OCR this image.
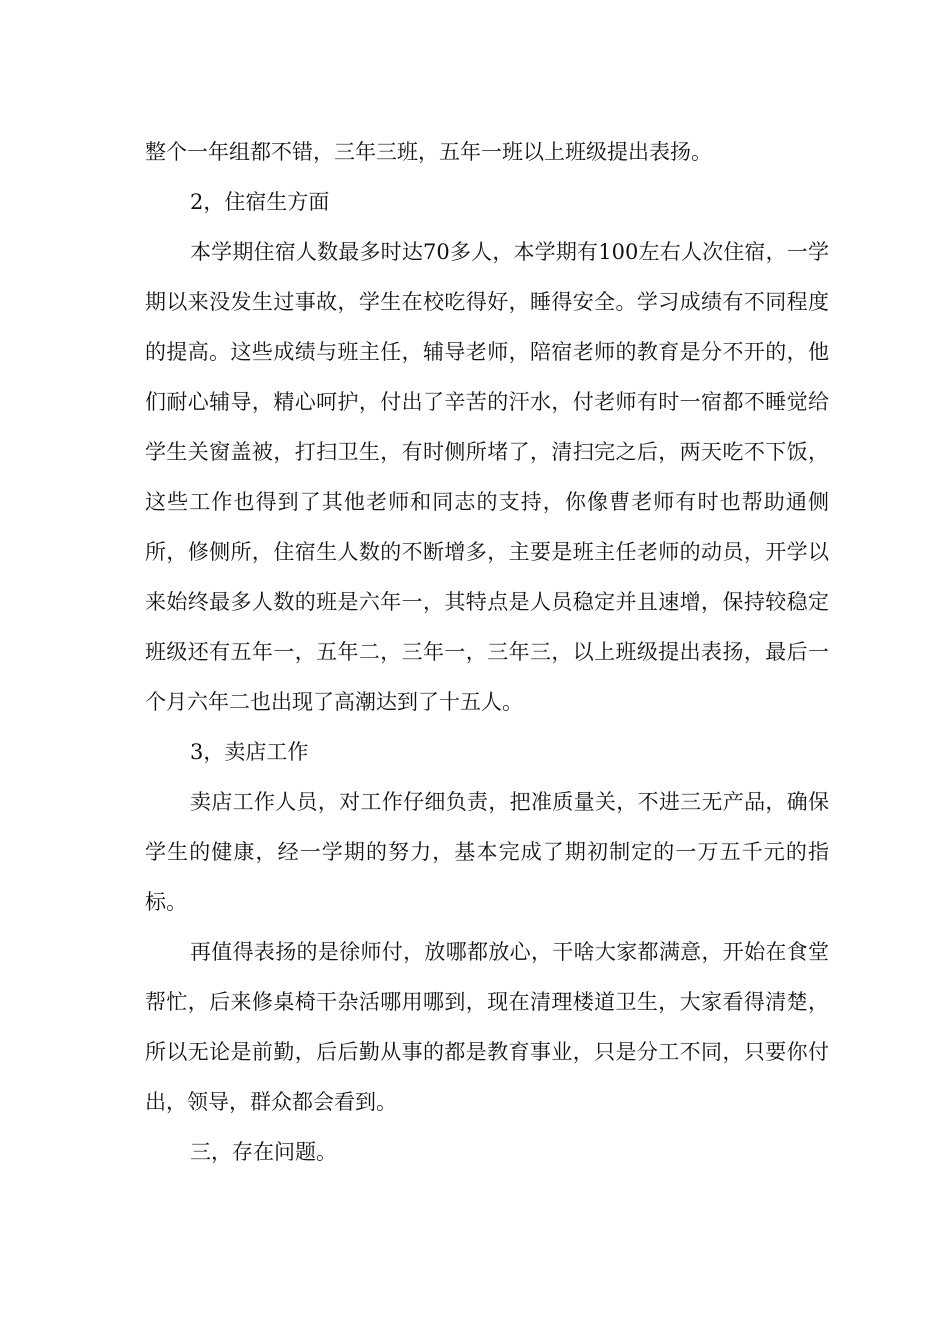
整个一年组都不错，三年三班，五年一班以上班级提出表扬。

2，住宿生方面

本学期住宿人数最多时达70多人，本学期有100左右人次住宿，一学期以来没发生过事故，学生在校吃得好，睡得安全。学习成绩有不同程度的提高。这些成绩与班主任，辅导老师，陪宿老师的教育是分不开的，他们耐心辅导，精心呵护，付出了辛苦的汗水，付老师有时一宿都不睡觉给学生关窗盖被，打扫卫生，有时侧所堵了，清扫完之后，两天吃不下饭，这些工作也得到了其他老师和同志的支持，你像曹老师有时也帮助通侧所，修侧所，住宿生人数的不断增多，主要是班主任老师的动员，开学以来始终最多人数的班是六年一，其特点是人员稳定并且速增，保持较稳定班级还有五年一，五年二，三年一，三年三，以上班级提出表扬，最后一个月六年二也出现了高潮达到了十五人。

3，卖店工作

卖店工作人员，对工作仔细负责，把准质量关，不进三无产品，确保学生的健康，经一学期的努力，基本完成了期初制定的一万五千元的指标。

再值得表扬的是徐师付，放哪都放心，干啥大家都满意，开始在食堂帮忙，后来修桌椅干杂活哪用哪到，现在清理楼道卫生，大家看得清楚，所以无论是前勤，后后勤从事的都是教育事业，只是分工不同，只要你付出，领导，群众都会看到。

三，存在问题。
